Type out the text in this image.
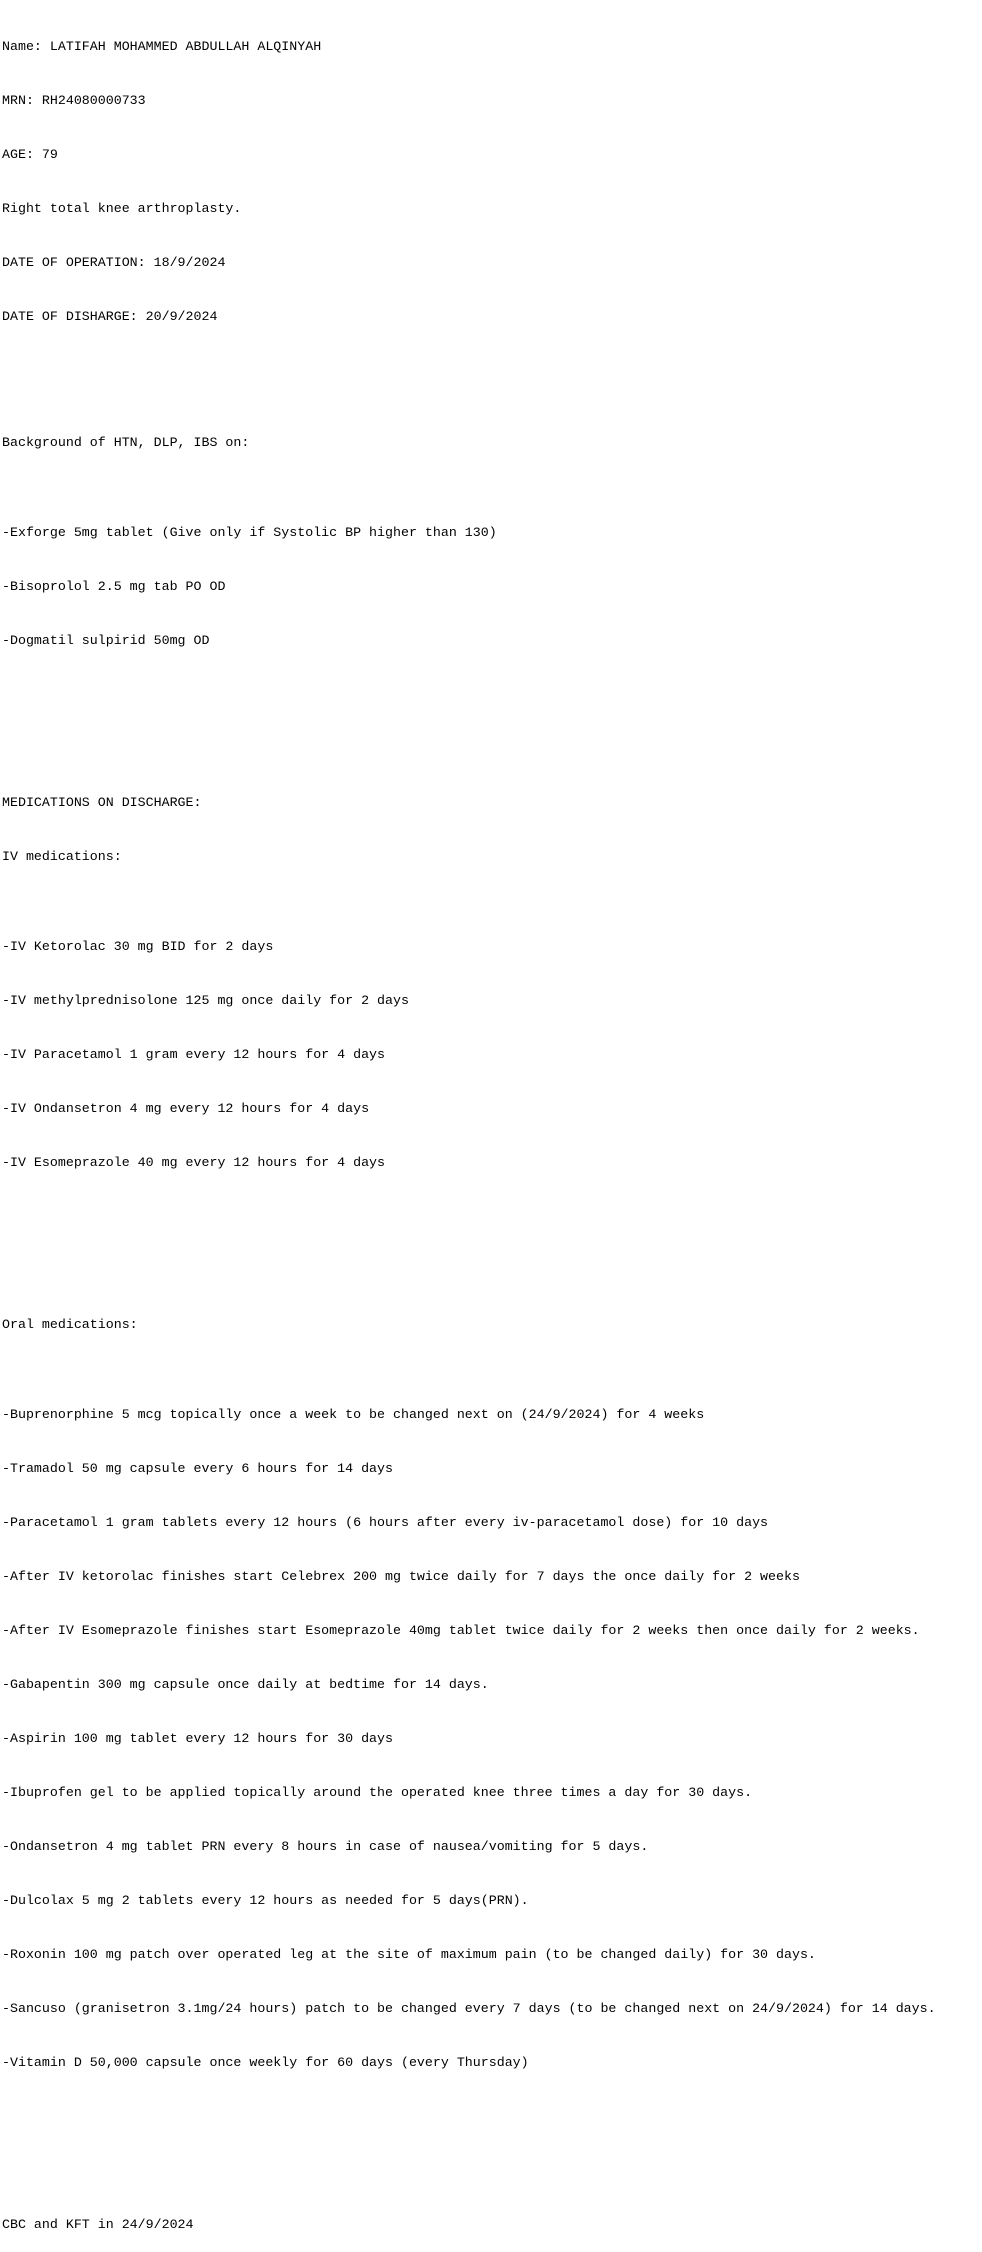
Name: LATIFAH MOHAMMED ABDULLAH ALQINYAH

MRN: RH24080000733

AGE: 79

Right total knee arthroplasty.

DATE OF OPERATION: 18/9/2024

DATE OF DISHARGE: 20/9/2024

Background of HTN, DLP, IBS on:

-Exforge 5mg tablet (Give only if Systolic BP higher than 130)

-Bisoprolol 2.5 mg tab PO OD

-Dogmatil sulpirid 50mg OD

MEDICATIONS ON DISCHARGE:

IV medications:

-IV Ketorolac 30 mg BID for 2 days

-IV methylprednisolone 125 mg once daily for 2 days

-IV Paracetamol 1 gram every 12 hours for 4 days

-IV Ondansetron 4 mg every 12 hours for 4 days

-IV Esomeprazole 40 mg every 12 hours for 4 days

Oral medications:

-Buprenorphine 5 mcg topically once a week to be changed next on (24/9/2024) for 4 weeks

-Tramadol 50 mg capsule every 6 hours for 14 days

-Paracetamol 1 gram tablets every 12 hours (6 hours after every iv-paracetamol dose) for 10 days

-After IV ketorolac finishes start Celebrex 200 mg twice daily for 7 days the once daily for 2 weeks

-After IV Esomeprazole finishes start Esomeprazole 40mg tablet twice daily for 2 weeks then once daily for 2 weeks.

-Gabapentin 300 mg capsule once daily at bedtime for 14 days.

-Aspirin 100 mg tablet every 12 hours for 30 days

-Ibuprofen gel to be applied topically around the operated knee three times a day for 30 days.

-Ondansetron 4 mg tablet PRN every 8 hours in case of nausea/vomiting for 5 days.

-Dulcolax 5 mg 2 tablets every 12 hours as needed for 5 days(PRN).

-Roxonin 100 mg patch over operated leg at the site of maximum pain (to be changed daily) for 30 days.

-Sancuso (granisetron 3.1mg/24 hours) patch to be changed every 7 days (to be changed next on 24/9/2024) for 14 days.

-Vitamin D 50,000 capsule once weekly for 60 days (every Thursday)

CBC and KFT in 24/9/2024
